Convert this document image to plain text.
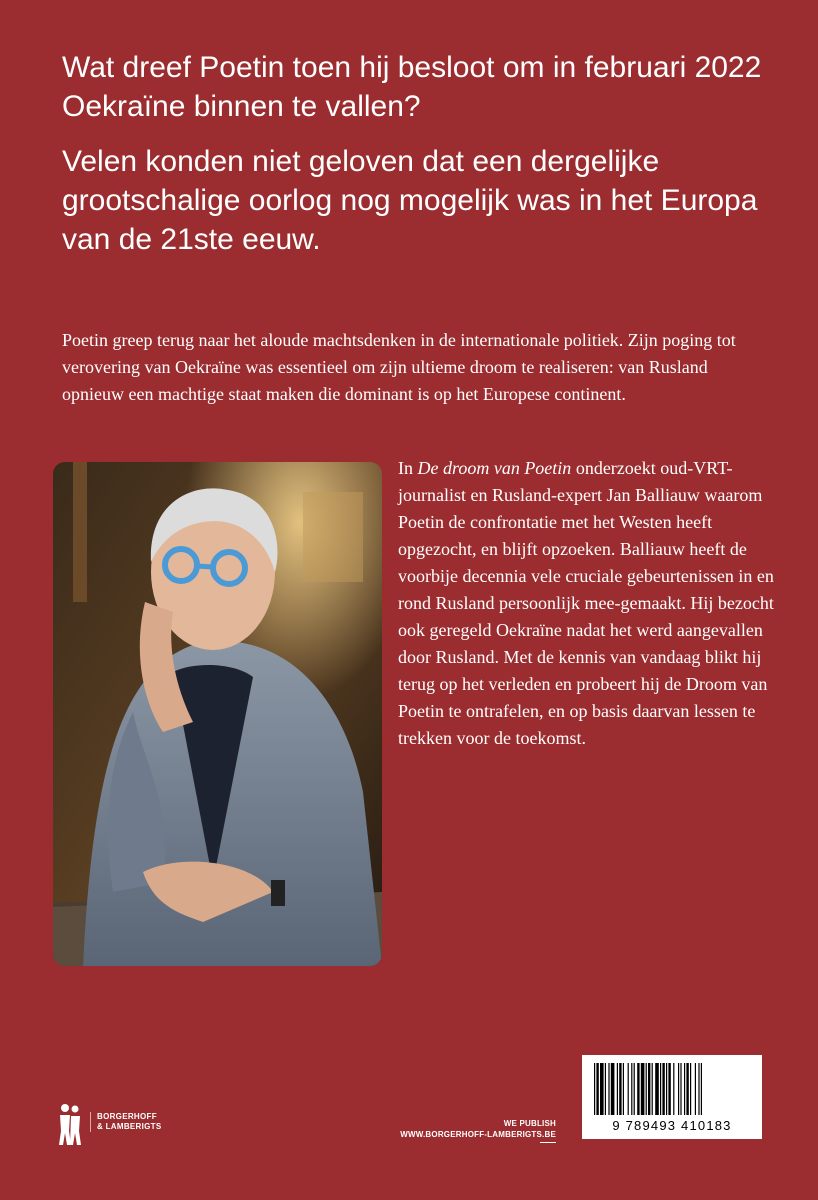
Wat dreef Poetin toen hij besloot om in februari 2022 Oekraïne binnen te vallen?

Velen konden niet geloven dat een dergelijke grootschalige oorlog nog mogelijk was in het Europa van de 21ste eeuw.

Poetin greep terug naar het aloude machtsdenken in de internationale politiek. Zijn poging tot verovering van Oekraïne was essentieel om zijn ultieme droom te realiseren: van Rusland opnieuw een machtige staat maken die dominant is op het Europese continent.

In De droom van Poetin onderzoekt oud-VRT-journalist en Rusland-expert Jan Balliauw waarom Poetin de confrontatie met het Westen heeft opgezocht, en blijft opzoeken. Balliauw heeft de voorbije decennia vele cruciale gebeurtenissen in en rond Rusland persoonlijk mee-gemaakt. Hij bezocht ook geregeld Oekraïne nadat het werd aangevallen door Rusland. Met de kennis van vandaag blikt hij terug op het verleden en probeert hij de Droom van Poetin te ontrafelen, en op basis daarvan lessen te trekken voor de toekomst.

9 789493 410183
BORGERHOFF
& LAMBERIGTS	WE PUBLISH
WWW.BORGERHOFF-LAMBERIGTS.BE
